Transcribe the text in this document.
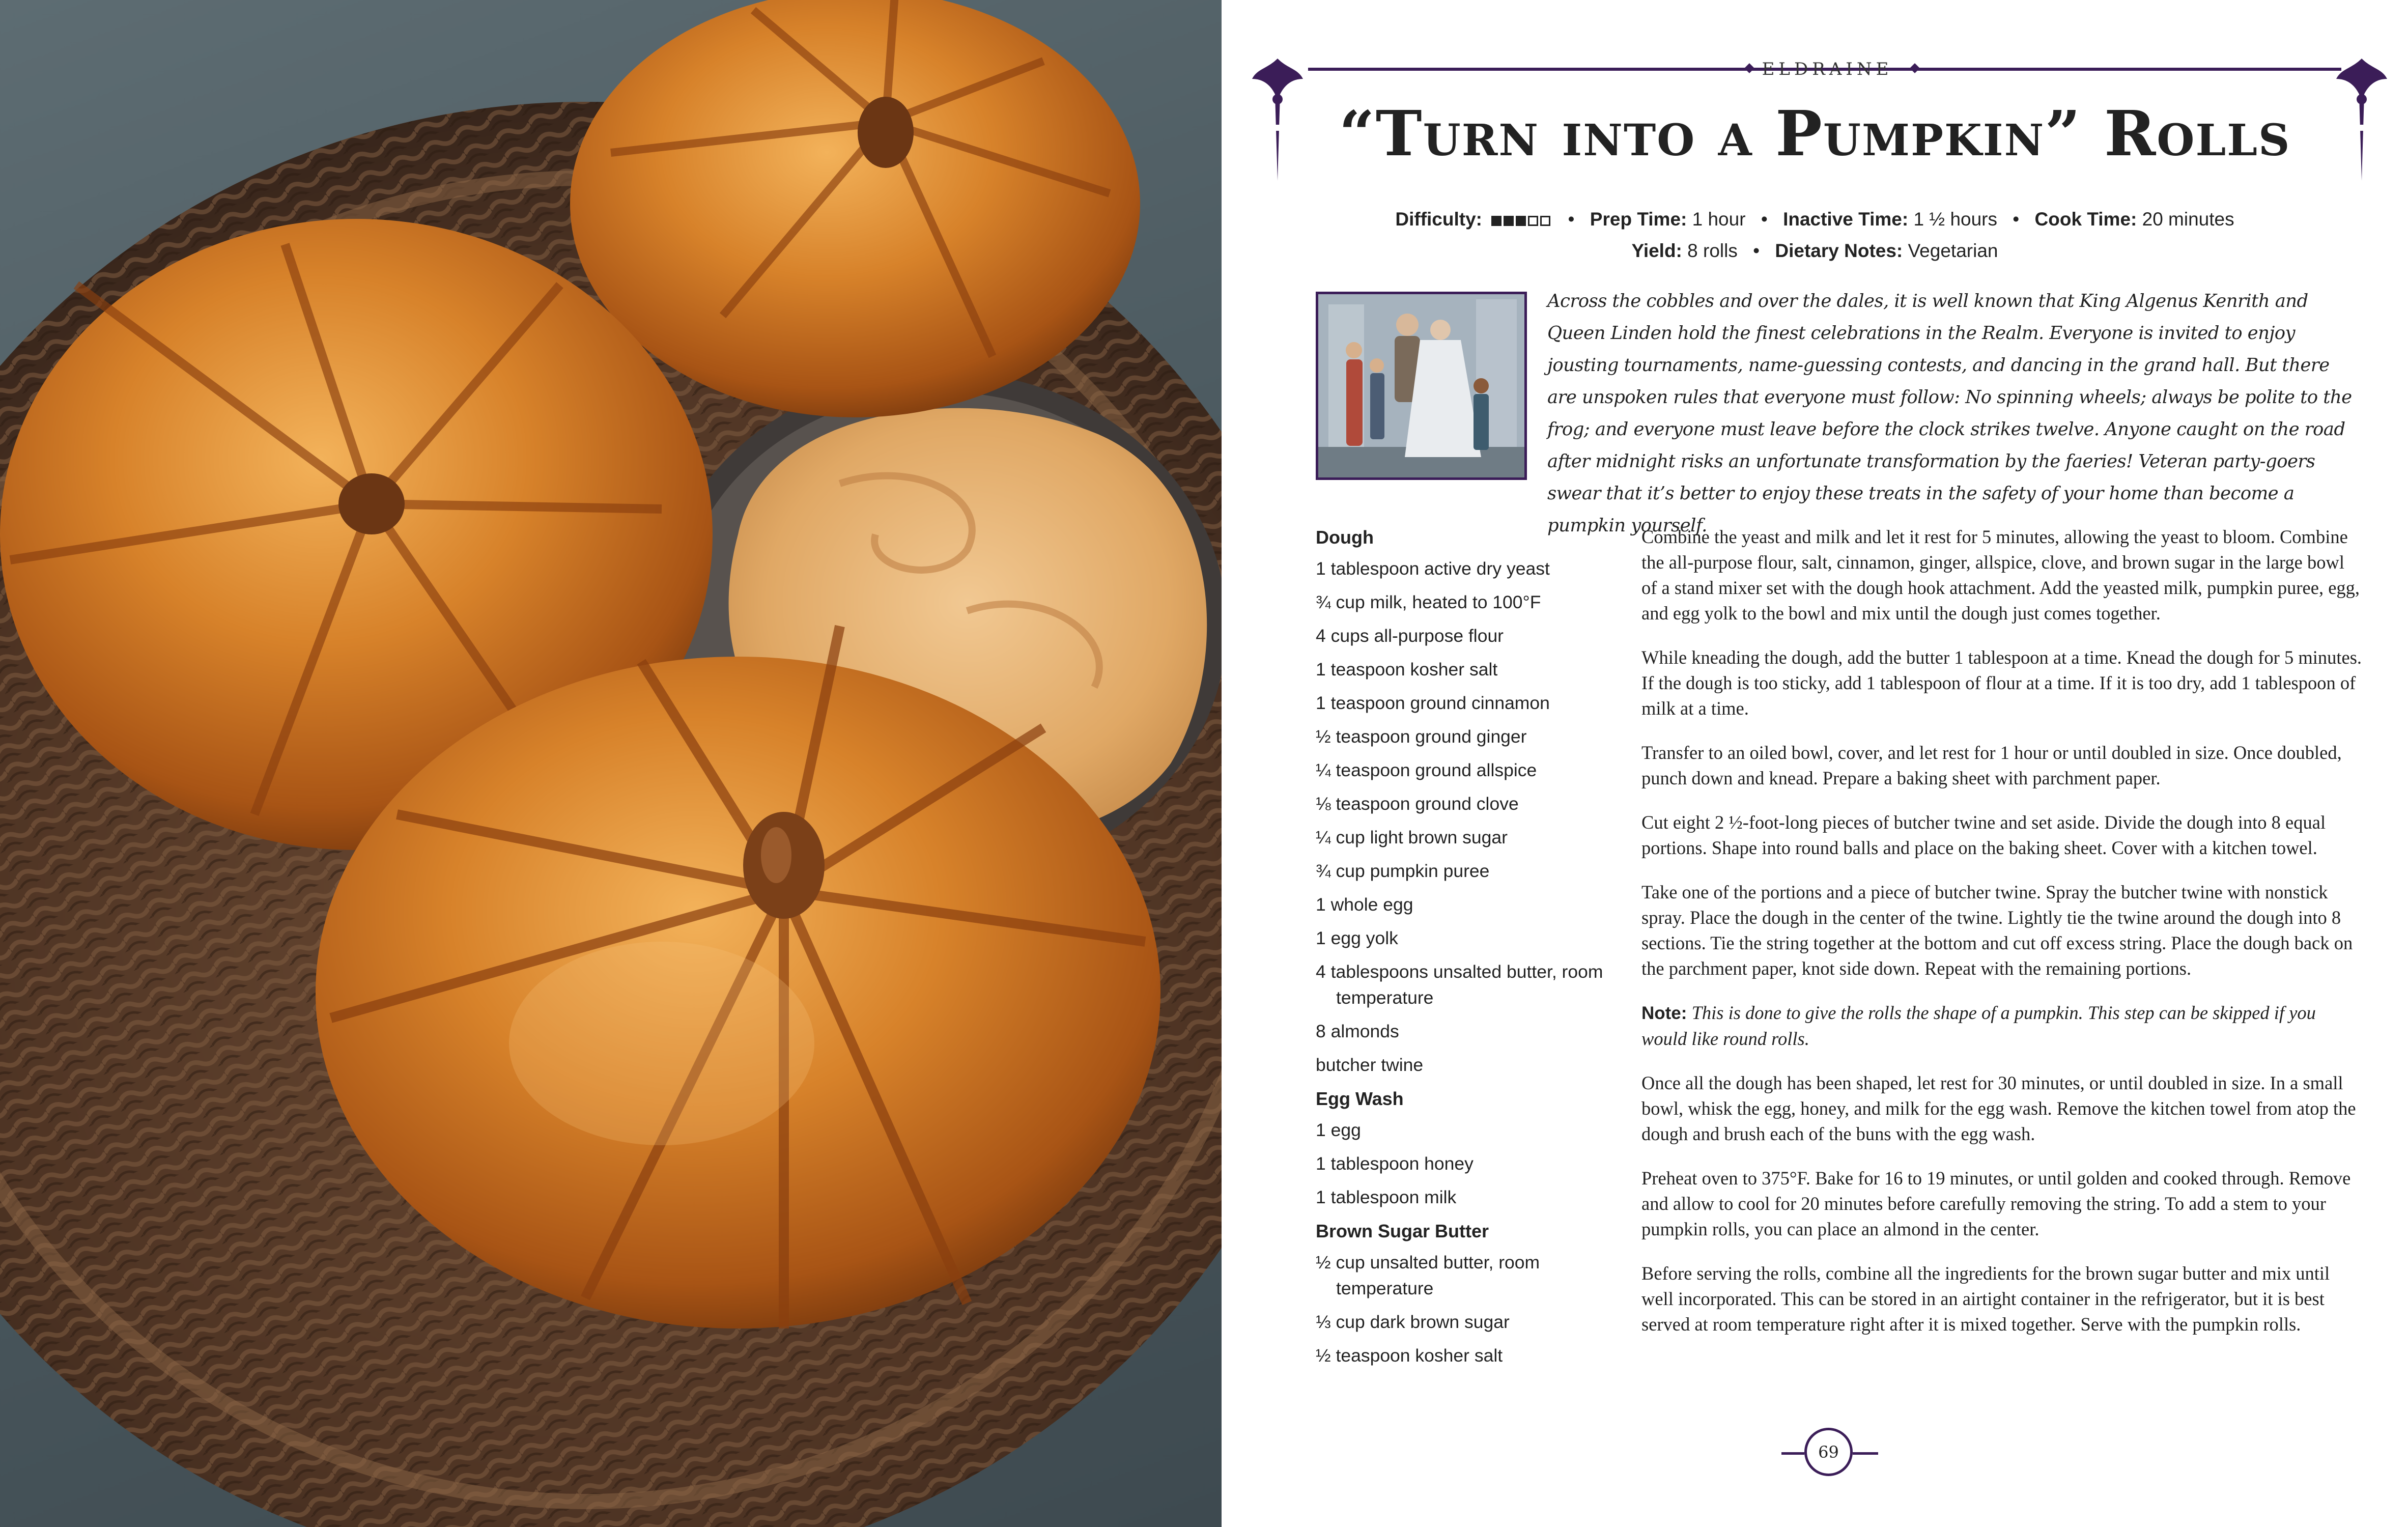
ELDRAINE
“Turn into a Pumpkin” Rolls
Difficulty:	• Prep Time: 1 hour • Inactive Time: 1 ½ hours • Cook Time: 20 minutes
Yield: 8 rolls • Dietary Notes: Vegetarian
Across the cobbles and over the dales, it is well known that King Algenus Kenrith and Queen Linden hold the finest celebrations in the Realm. Everyone is invited to enjoy jousting tournaments, name-guessing contests, and dancing in the grand hall. But there are unspoken rules that everyone must follow: No spinning wheels; always be polite to the frog; and everyone must leave before the clock strikes twelve. Anyone caught on the road after midnight risks an unfortunate transformation by the faeries! Veteran party-goers swear that it’s better to enjoy these treats in the safety of your home than become a pumpkin yourself.
Dough
1 tablespoon active dry yeast
¾ cup milk, heated to 100°F
4 cups all-purpose flour
1 teaspoon kosher salt
1 teaspoon ground cinnamon
½ teaspoon ground ginger
¼ teaspoon ground allspice
⅛ teaspoon ground clove
¼ cup light brown sugar
¾ cup pumpkin puree
1 whole egg
1 egg yolk
4 tablespoons unsalted butter, room temperature
8 almonds
butcher twine
Egg Wash
1 egg
1 tablespoon honey
1 tablespoon milk
Brown Sugar Butter
½ cup unsalted butter, room temperature
⅓ cup dark brown sugar
½ teaspoon kosher salt

Combine the yeast and milk and let it rest for 5 minutes, allowing the yeast to bloom. Combine the all-purpose flour, salt, cinnamon, ginger, allspice, clove, and brown sugar in the large bowl of a stand mixer set with the dough hook attachment. Add the yeasted milk, pumpkin puree, egg, and egg yolk to the bowl and mix until the dough just comes together.

While kneading the dough, add the butter 1 tablespoon at a time. Knead the dough for 5 minutes. If the dough is too sticky, add 1 tablespoon of flour at a time. If it is too dry, add 1 tablespoon of milk at a time.

Transfer to an oiled bowl, cover, and let rest for 1 hour or until doubled in size. Once doubled, punch down and knead. Prepare a baking sheet with parchment paper.

Cut eight 2 ½-foot-long pieces of butcher twine and set aside. Divide the dough into 8 equal portions. Shape into round balls and place on the baking sheet. Cover with a kitchen towel.

Take one of the portions and a piece of butcher twine. Spray the butcher twine with nonstick spray. Place the dough in the center of the twine. Lightly tie the twine around the dough into 8 sections. Tie the string together at the bottom and cut off excess string. Place the dough back on the parchment paper, knot side down. Repeat with the remaining portions.

Note: This is done to give the rolls the shape of a pumpkin. This step can be skipped if you would like round rolls.

Once all the dough has been shaped, let rest for 30 minutes, or until doubled in size. In a small bowl, whisk the egg, honey, and milk for the egg wash. Remove the kitchen towel from atop the dough and brush each of the buns with the egg wash.

Preheat oven to 375°F. Bake for 16 to 19 minutes, or until golden and cooked through. Remove and allow to cool for 20 minutes before carefully removing the string. To add a stem to your pumpkin rolls, you can place an almond in the center.

Before serving the rolls, combine all the ingredients for the brown sugar butter and mix until well incorporated. This can be stored in an airtight container in the refrigerator, but it is best served at room temperature right after it is mixed together. Serve with the pumpkin rolls.

69
